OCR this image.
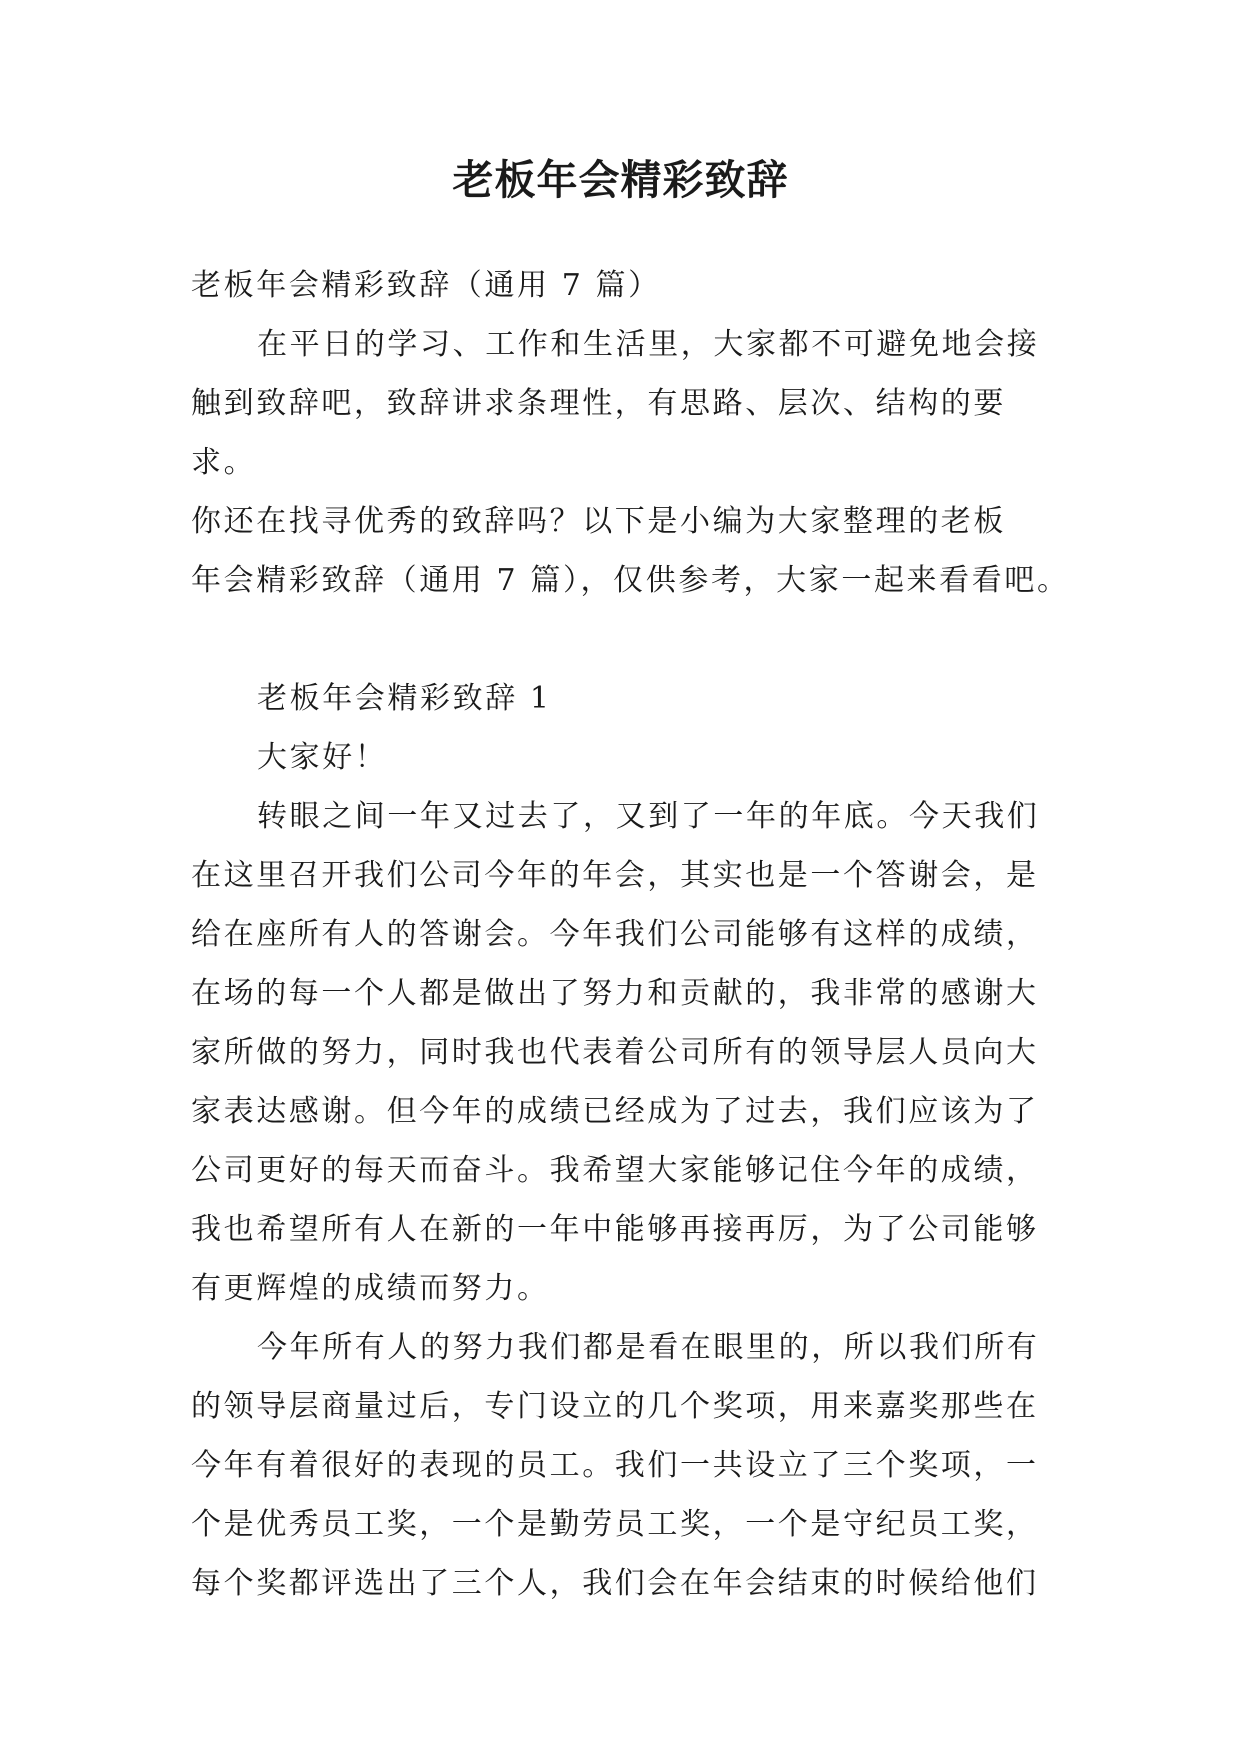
老板年会精彩致辞

老板年会精彩致辞（通用 7 篇）

在平日的学习、工作和生活里，大家都不可避免地会接

触到致辞吧，致辞讲求条理性，有思路、层次、结构的要求。

你还在找寻优秀的致辞吗？以下是小编为大家整理的老板

年会精彩致辞（通用 7 篇），仅供参考，大家一起来看看吧。

老板年会精彩致辞 1

大家好！

转眼之间一年又过去了，又到了一年的年底。今天我们

在这里召开我们公司今年的年会，其实也是一个答谢会，是

给在座所有人的答谢会。今年我们公司能够有这样的成绩，

在场的每一个人都是做出了努力和贡献的，我非常的感谢大

家所做的努力，同时我也代表着公司所有的领导层人员向大

家表达感谢。但今年的成绩已经成为了过去，我们应该为了

公司更好的每天而奋斗。我希望大家能够记住今年的成绩，

我也希望所有人在新的一年中能够再接再厉，为了公司能够

有更辉煌的成绩而努力。

今年所有人的努力我们都是看在眼里的，所以我们所有

的领导层商量过后，专门设立的几个奖项，用来嘉奖那些在

今年有着很好的表现的员工。我们一共设立了三个奖项，一

个是优秀员工奖，一个是勤劳员工奖，一个是守纪员工奖，

每个奖都评选出了三个人，我们会在年会结束的时候给他们
